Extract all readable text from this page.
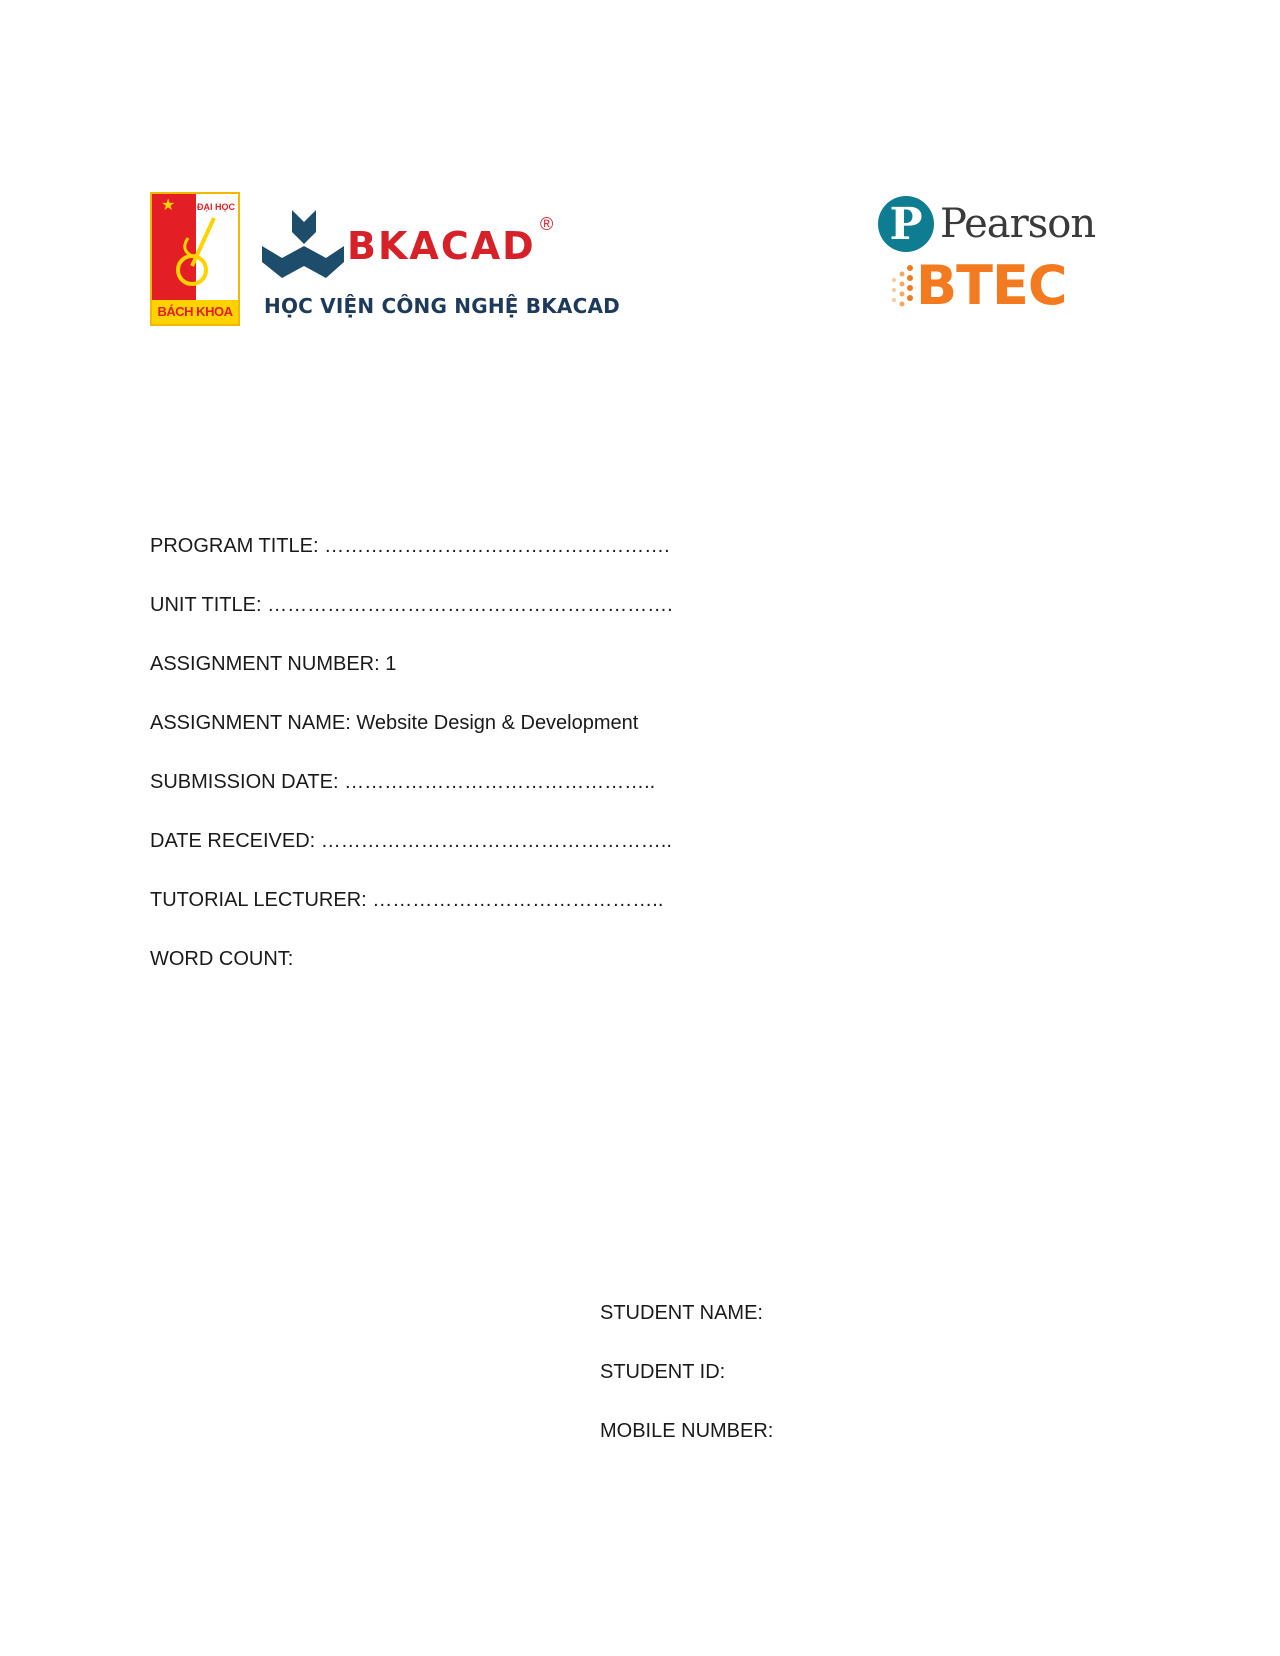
★ ĐẠI HỌC
BÁCH KHOA
BKACAD ®
HỌC VIỆN CÔNG NGHỆ BKACAD
P Pearson
BTEC
PROGRAM TITLE: …………………………………………….
UNIT TITLE: …………………………………………………….
ASSIGNMENT NUMBER: 1
ASSIGNMENT NAME: Website Design & Development
SUBMISSION DATE: ………………………………………..
DATE RECEIVED: ……………………………………………..
TUTORIAL LECTURER: ……………………………………..
WORD COUNT:
STUDENT NAME:
STUDENT ID:
MOBILE NUMBER:
